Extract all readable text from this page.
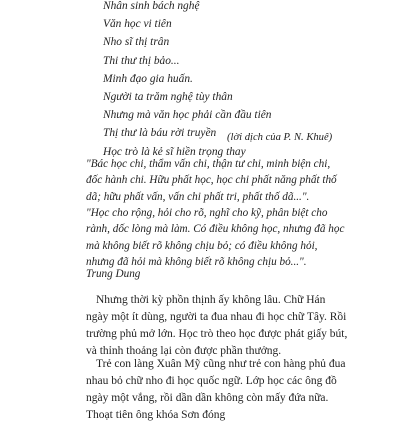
Nhân sinh bách nghệ
Văn học vi tiên
Nho sĩ thị trân
Thi thư thị bảo...
Minh đạo gia huấn.
Người ta trăm nghệ tùy thân
Nhưng mà văn học phải cần đầu tiên
Thị thư là báu rời truyền
Học trò là kẻ sĩ hiền trọng thay
(lời dịch của P. N. Khuê)

"Bác học chi, thẩm vấn chi, thận tư chi, minh biện chi, đốc hành chi. Hữu phất học, học chi phất năng phất thố dã; hữu phất vấn, vấn chi phất tri, phất thố dã...".

"Học cho rộng, hỏi cho rõ, nghĩ cho kỹ, phân biệt cho rành, dốc lòng mà làm. Có điều không học, nhưng đã học mà không biết rõ không chịu bỏ; có điều không hỏi, nhưng đã hỏi mà không biết rõ không chịu bỏ...".

Trung Dung

Nhưng thời kỳ phồn thịnh ấy không lâu. Chữ Hán ngày một ít dùng, người ta đua nhau đi học chữ Tây. Rồi trường phủ mở lớn. Học trò theo học được phát giấy bút, và thỉnh thoảng lại còn được phần thưởng.

Trẻ con làng Xuân Mỹ cũng như trẻ con hàng phủ đua nhau bỏ chữ nho đi học quốc ngữ. Lớp học các ông đồ ngày một vắng, rồi dần dần không còn mấy đứa nữa. Thoạt tiên ông khóa Sơn đóng
